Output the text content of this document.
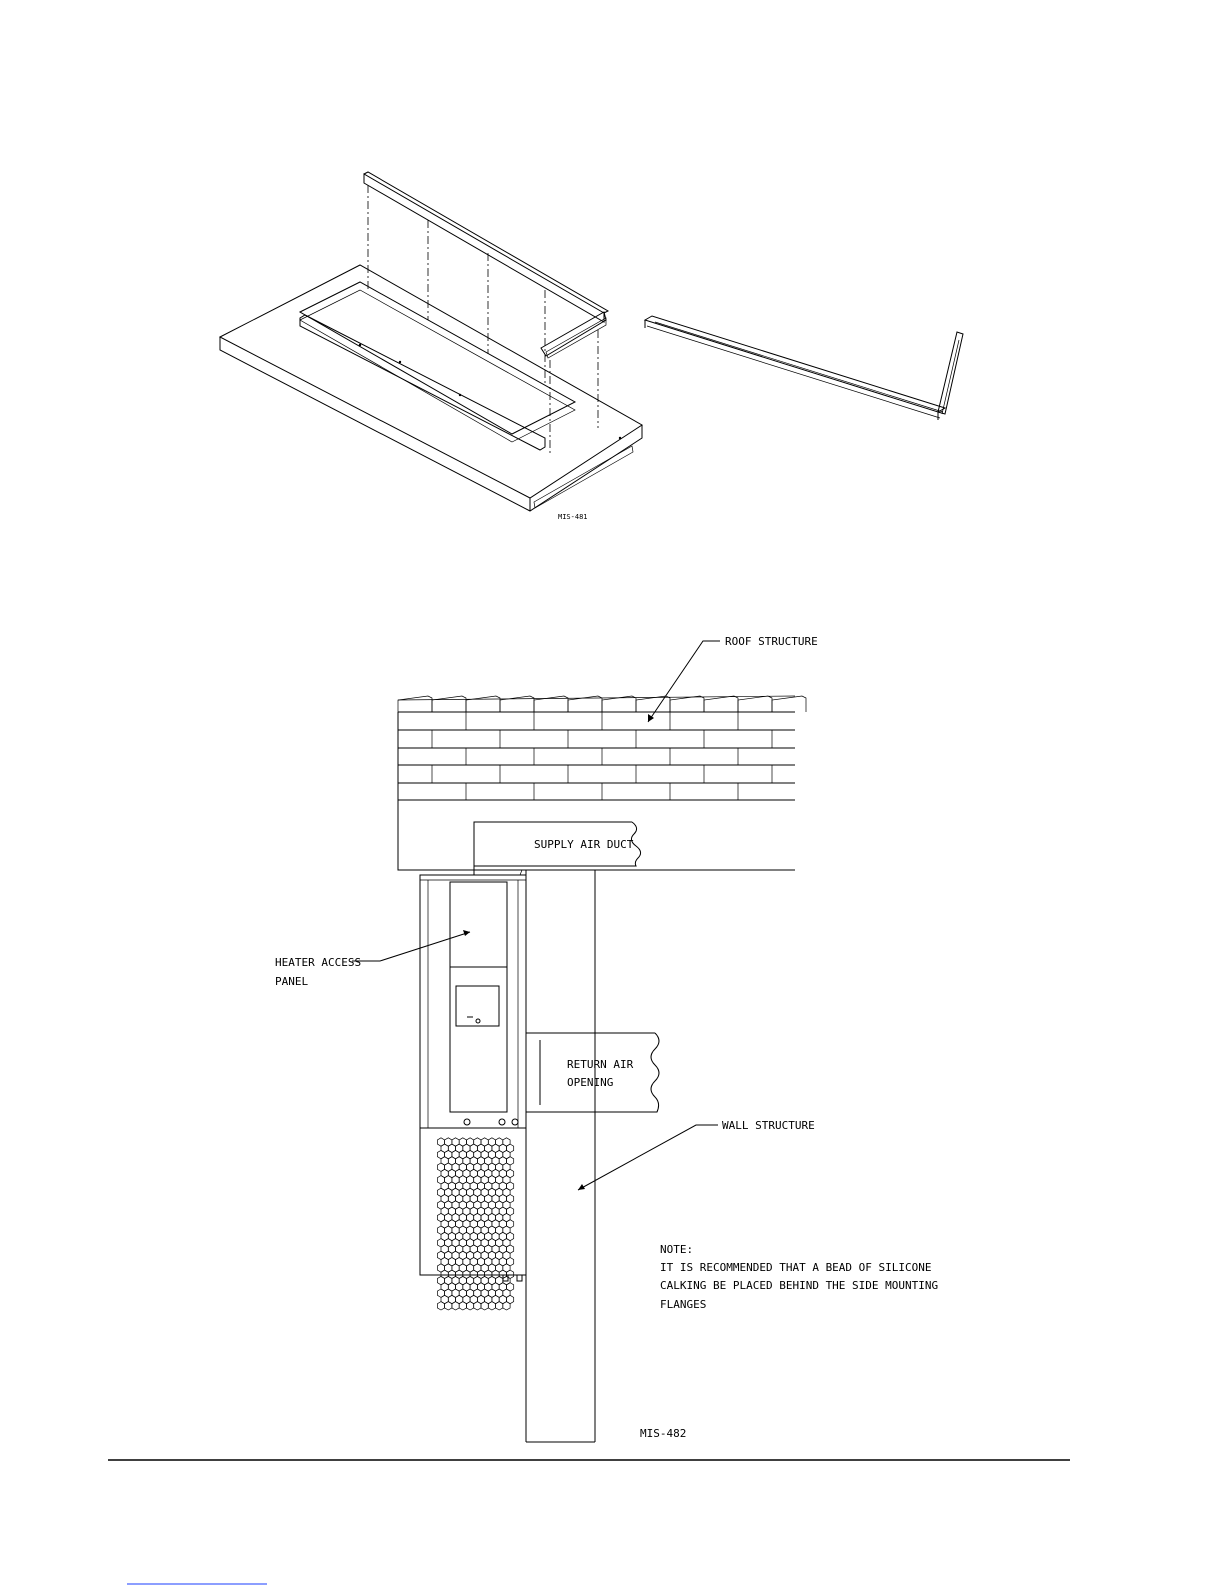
MIS-481
SUPPLY AIR DUCT
RETURN AIR
OPENING
ROOF STRUCTURE
HEATER ACCESS
PANEL
WALL STRUCTURE
NOTE:
IT IS RECOMMENDED THAT A BEAD OF SILICONE
CALKING BE PLACED BEHIND THE SIDE MOUNTING
FLANGES
MIS-482
